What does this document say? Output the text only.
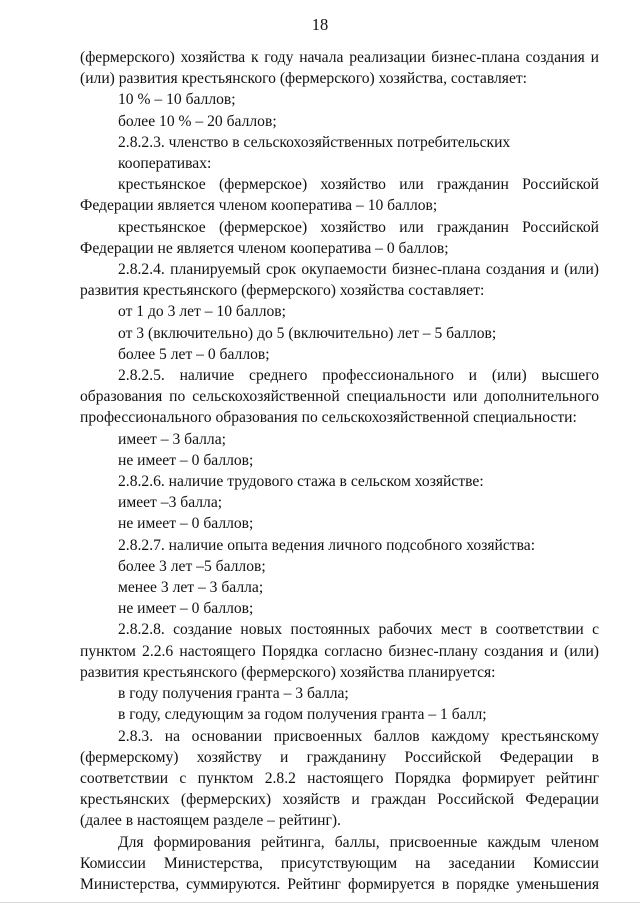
18

(фермерского) хозяйства к году начала реализации бизнес-плана создания и (или) развития крестьянского (фермерского) хозяйства, составляет:

10 % – 10 баллов;

более 10 % – 20 баллов;

2.8.2.3. членство в сельскохозяйственных потребительских кооперативах:

крестьянское (фермерское) хозяйство или гражданин Российской Федерации является членом кооператива – 10 баллов;

крестьянское (фермерское) хозяйство или гражданин Российской Федерации не является членом кооператива – 0 баллов;

2.8.2.4. планируемый срок окупаемости бизнес-плана создания и (или) развития крестьянского (фермерского) хозяйства составляет:

от 1 до 3 лет – 10 баллов;

от 3 (включительно) до 5 (включительно) лет – 5 баллов;

более 5 лет – 0 баллов;

2.8.2.5. наличие среднего профессионального и (или) высшего образования по сельскохозяйственной специальности или дополнительного профессионального образования по сельскохозяйственной специальности:

имеет – 3 балла;

не имеет – 0 баллов;

2.8.2.6. наличие трудового стажа в сельском хозяйстве:

имеет –3 балла;

не имеет – 0 баллов;

2.8.2.7. наличие опыта ведения личного подсобного хозяйства:

более 3 лет –5 баллов;

менее 3 лет – 3 балла;

не имеет – 0 баллов;

2.8.2.8. создание новых постоянных рабочих мест в соответствии с пунктом 2.2.6 настоящего Порядка согласно бизнес-плану создания и (или) развития крестьянского (фермерского) хозяйства планируется:

в году получения гранта – 3 балла;

в году, следующим за годом получения гранта – 1 балл;

2.8.3. на основании присвоенных баллов каждому крестьянскому (фермерскому) хозяйству и гражданину Российской Федерации в соответствии с пунктом 2.8.2 настоящего Порядка формирует рейтинг крестьянских (фермерских) хозяйств и граждан Российской Федерации (далее в настоящем разделе – рейтинг).

Для формирования рейтинга, баллы, присвоенные каждым членом Комиссии Министерства, присутствующим на заседании Комиссии Министерства, суммируются. Рейтинг формируется в порядке уменьшения
